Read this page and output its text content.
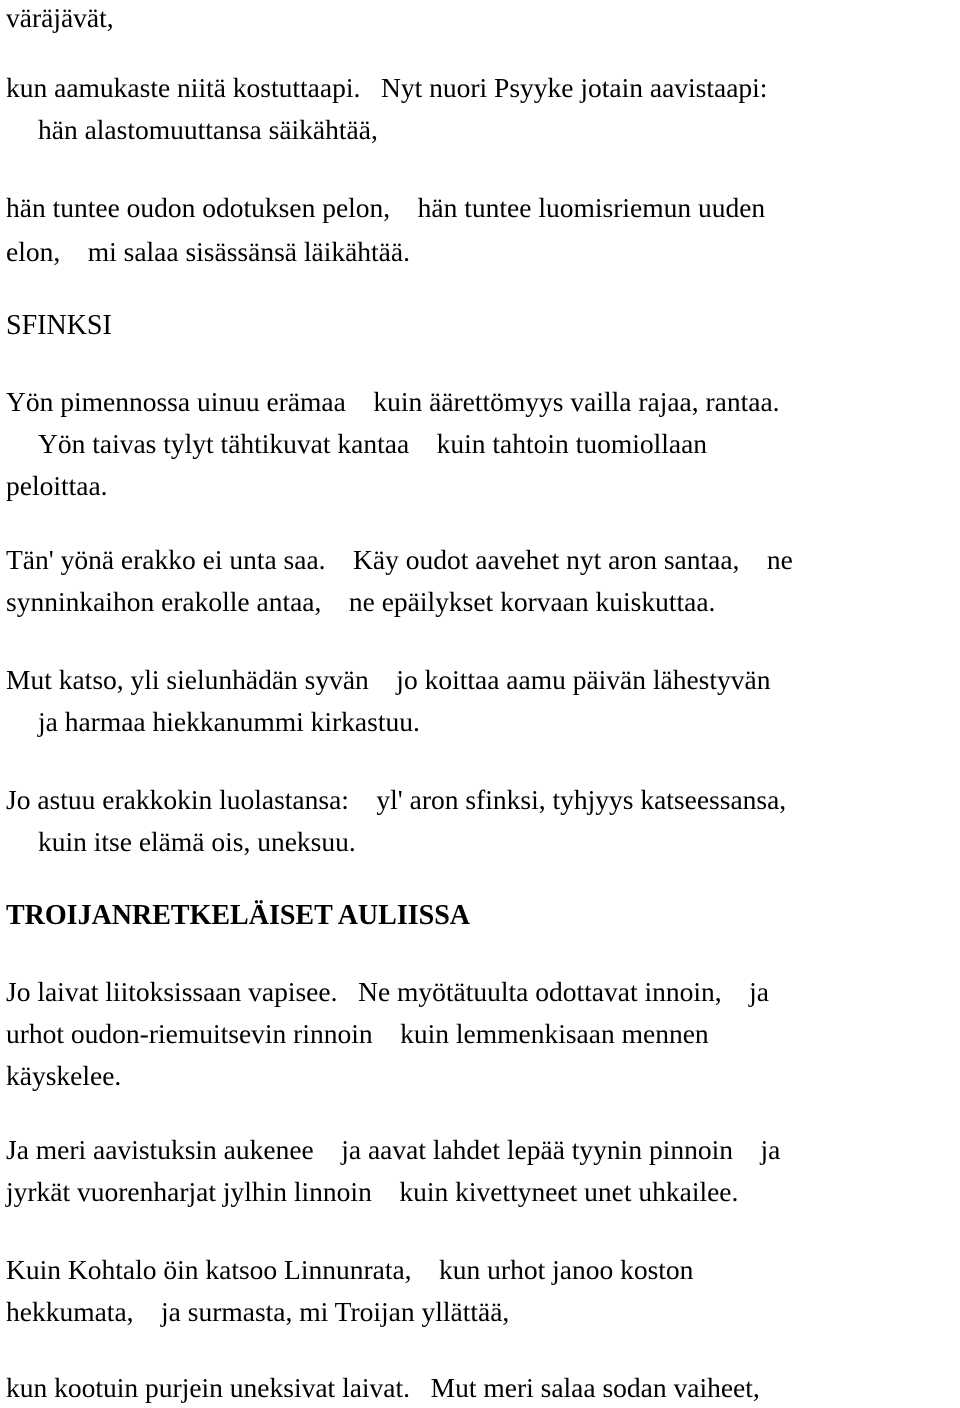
väräjävät,

kun aamukaste niitä kostuttaapi.   Nyt nuori Psyyke jotain aavistaapi:

hän alastomuuttansa säikähtää,

hän tuntee oudon odotuksen pelon,    hän tuntee luomisriemun uuden

elon,    mi salaa sisässänsä läikähtää.

SFINKSI

Yön pimennossa uinuu erämaa    kuin äärettömyys vailla rajaa, rantaa.

Yön taivas tylyt tähtikuvat kantaa    kuin tahtoin tuomiollaan

peloittaa.

Tän' yönä erakko ei unta saa.    Käy oudot aavehet nyt aron santaa,    ne

synninkaihon erakolle antaa,    ne epäilykset korvaan kuiskuttaa.

Mut katso, yli sielunhädän syvän    jo koittaa aamu päivän lähestyvän

ja harmaa hiekkanummi kirkastuu.

Jo astuu erakkokin luolastansa:    yl' aron sfinksi, tyhjyys katseessansa,

kuin itse elämä ois, uneksuu.

TROIJANRETKELÄISET AULIISSA

Jo laivat liitoksissaan vapisee.   Ne myötätuulta odottavat innoin,    ja

urhot oudon-riemuitsevin rinnoin    kuin lemmenkisaan mennen

käyskelee.

Ja meri aavistuksin aukenee    ja aavat lahdet lepää tyynin pinnoin    ja

jyrkät vuorenharjat jylhin linnoin    kuin kivettyneet unet uhkailee.

Kuin Kohtalo öin katsoo Linnunrata,    kun urhot janoo koston

hekkumata,    ja surmasta, mi Troijan yllättää,

kun kootuin purjein uneksivat laivat.   Mut meri salaa sodan vaiheet,
